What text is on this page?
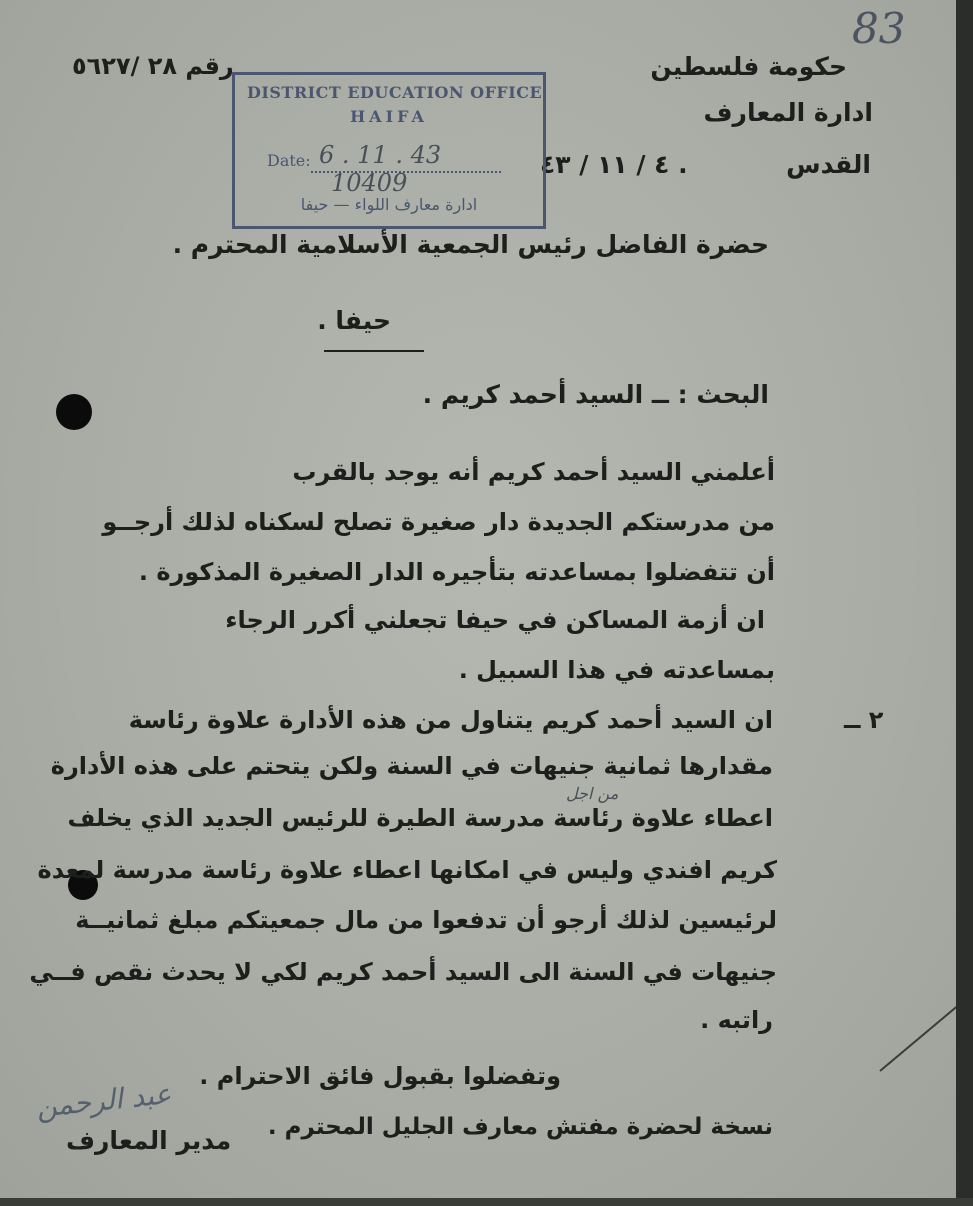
83
رقم ٢٨ /٥٦٢٧	حكومة فلسطين
ادارة المعارف
القدس
٤ / ١١ / ٤٣ .
DISTRICT EDUCATION OFFICE
HAIFA
Date: 6 . 11 . 43
10409
ادارة معارف اللواء — حيفا
حضرة الفاضل رئيس الجمعية الأسلامية المحترم .
حيفا .
البحث : ــ السيد أحمد كريم .
أعلمني السيد أحمد كريم أنه يوجد بالقرب
من مدرستكم الجديدة دار صغيرة تصلح لسكناه لذلك أرجــو
أن تتفضلوا بمساعدته بتأجيره الدار الصغيرة المذكورة .
ان أزمة المساكن في حيفا تجعلني أكرر الرجاء
بمساعدته في هذا السبيل .
٢ ــ
ان السيد أحمد كريم يتناول من هذه الأدارة علاوة رئاسة
مقدارها ثمانية جنيهات في السنة ولكن يتحتم على هذه الأدارة
من اجل
اعطاء علاوة رئاسة مدرسة الطيرة للرئيس الجديد الذي يخلف
كريم افندي وليس في امكانها اعطاء علاوة رئاسة مدرسة لمعدة
لرئيسين لذلك أرجو أن تدفعوا من مال جمعيتكم مبلغ ثمانيــة
جنيهات في السنة الى السيد أحمد كريم لكي لا يحدث نقص فــي
راتبه .
وتفضلوا بقبول فائق الاحترام .
نسخة لحضرة مفتش معارف الجليل المحترم .
عبد الرحمن
مدير المعارف
